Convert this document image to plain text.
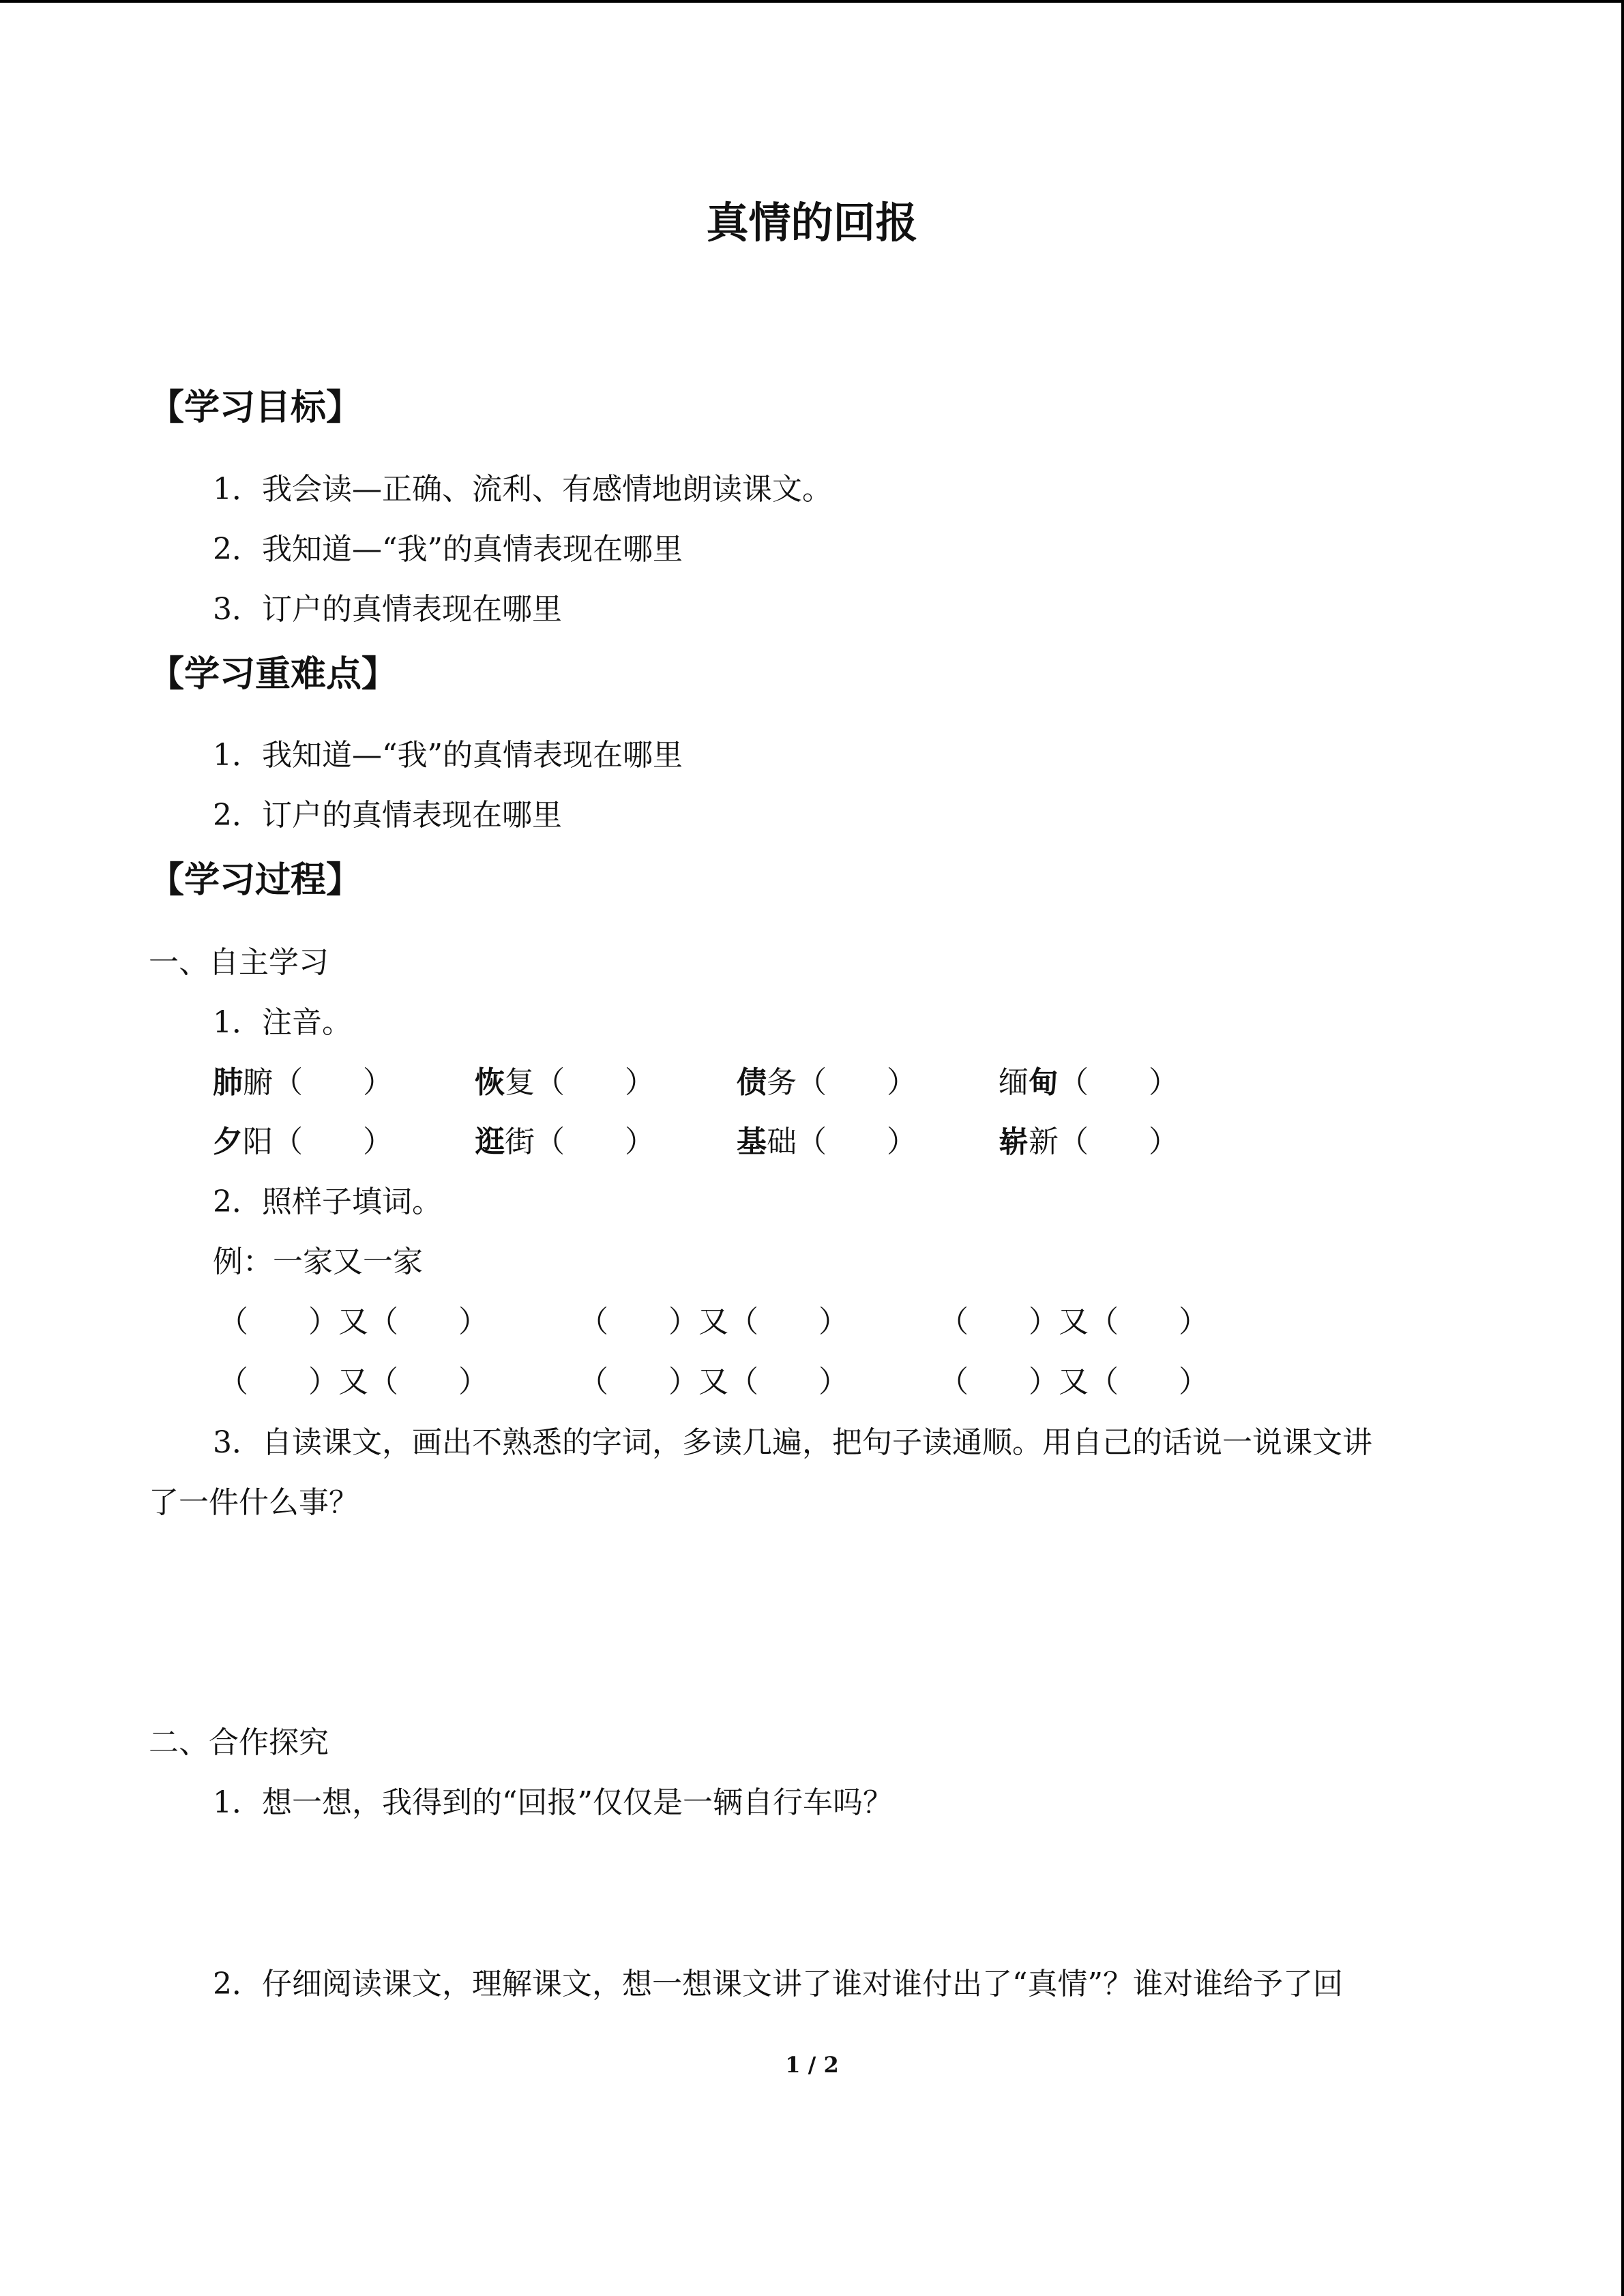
真情的回报
【学习目标】
1．我会读—正确、流利、有感情地朗读课文。
2．我知道—“我”的真情表现在哪里
3．订户的真情表现在哪里
【学习重难点】
1．我知道—“我”的真情表现在哪里
2．订户的真情表现在哪里
【学习过程】
一、自主学习
1．注音。
肺腑（　　）	恢复（　　）	债务（　　）	缅甸（　　）
夕阳（　　）	逛街（　　）	基础（　　）	崭新（　　）
2．照样子填词。
例：一家又一家
（　　）又（　　）	（　　）又（　　）	（　　）又（　　）
（　　）又（　　）	（　　）又（　　）	（　　）又（　　）
3．自读课文，画出不熟悉的字词，多读几遍，把句子读通顺。用自己的话说一说课文讲
了一件什么事？
二、合作探究
1．想一想，我得到的“回报”仅仅是一辆自行车吗？
2．仔细阅读课文，理解课文，想一想课文讲了谁对谁付出了“真情”？谁对谁给予了回
1 / 2
